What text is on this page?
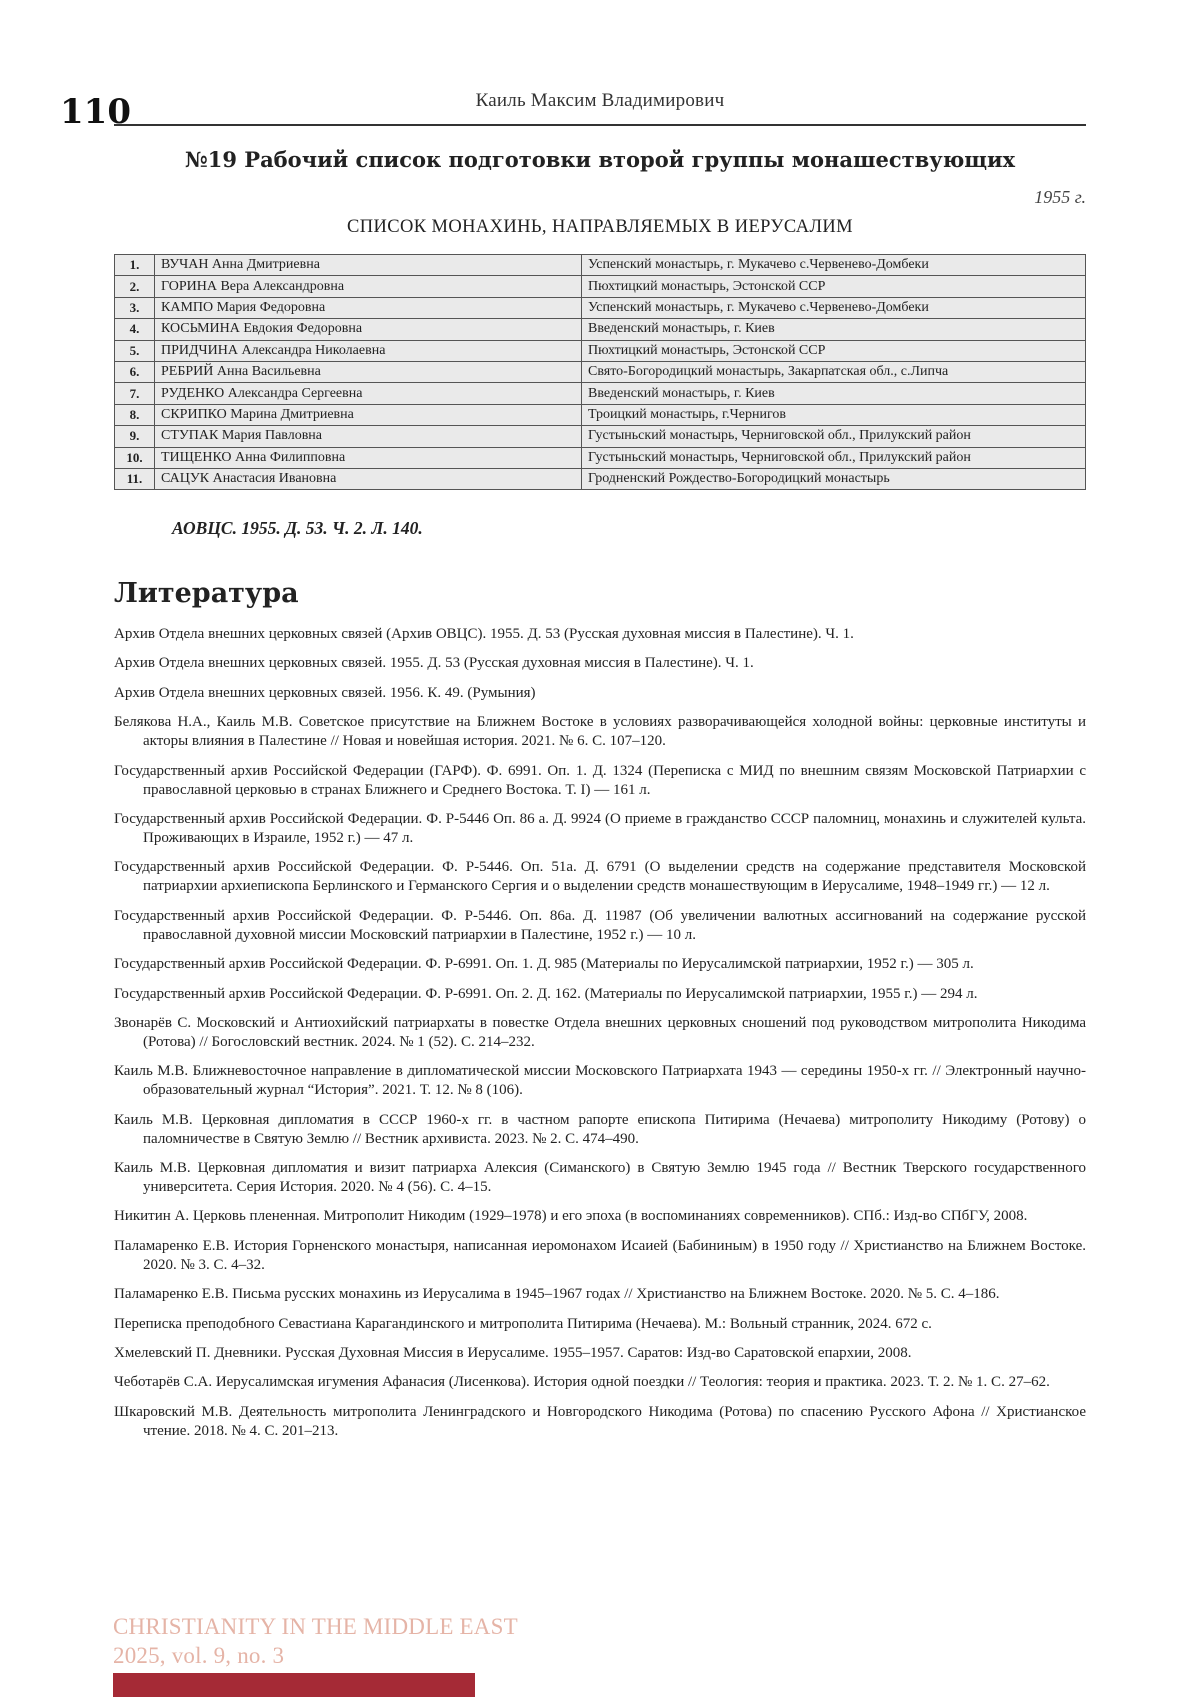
110	Каиль Максим Владимирович
№19 Рабочий список подготовки второй группы монашествующих
1955 г.
СПИСОК МОНАХИНЬ, НАПРАВЛЯЕМЫХ В ИЕРУСАЛИМ
1.	ВУЧАН Анна Дмитриевна	Успенский монастырь, г. Мукачево с.Червенево-Домбеки
2.	ГОРИНА Вера Александровна	Пюхтицкий монастырь, Эстонской ССР
3.	КАМПО Мария Федоровна	Успенский монастырь, г. Мукачево с.Червенево-Домбеки
4.	КОСЬМИНА Евдокия Федоровна	Введенский монастырь, г. Киев
5.	ПРИДЧИНА Александра Николаевна	Пюхтицкий монастырь, Эстонской ССР
6.	РЕБРИЙ Анна Васильевна	Свято-Богородицкий монастырь, Закарпатская обл., с.Липча
7.	РУДЕНКО Александра Сергеевна	Введенский монастырь, г. Киев
8.	СКРИПКО Марина Дмитриевна	Троицкий монастырь, г.Чернигов
9.	СТУПАК Мария Павловна	Густыньский монастырь, Черниговской обл., Прилукский район
10.	ТИЩЕНКО Анна Филипповна	Густыньский монастырь, Черниговской обл., Прилукский район
11.	САЦУК Анастасия Ивановна	Гродненский Рождество-Богородицкий монастырь
АОВЦС. 1955. Д. 53. Ч. 2. Л. 140.
Литература
Архив Отдела внешних церковных связей (Архив ОВЦС). 1955. Д. 53 (Русская духовная миссия в Палестине). Ч. 1.
Архив Отдела внешних церковных связей. 1955. Д. 53 (Русская духовная миссия в Палестине). Ч. 1.
Архив Отдела внешних церковных связей. 1956. К. 49. (Румыния)
Белякова Н.А., Каиль М.В. Советское присутствие на Ближнем Востоке в условиях разворачивающейся холодной войны: церковные институты и акторы влияния в Палестине // Новая и новейшая история. 2021. № 6. С. 107–120.
Государственный архив Российской Федерации (ГАРФ). Ф. 6991. Оп. 1. Д. 1324 (Переписка с МИД по внешним связям Московской Патриархии с православной церковью в странах Ближнего и Среднего Востока. Т. I) — 161 л.
Государственный архив Российской Федерации. Ф. Р-5446 Оп. 86 а. Д. 9924 (О приеме в гражданство СССР паломниц, монахинь и служителей культа. Проживающих в Израиле, 1952 г.) — 47 л.
Государственный архив Российской Федерации. Ф. Р-5446. Оп. 51а. Д. 6791 (О выделении средств на содержание представителя Московской патриархии архиепископа Берлинского и Германского Сергия и о выделении средств монашествующим в Иерусалиме, 1948–1949 гг.) — 12 л.
Государственный архив Российской Федерации. Ф. Р-5446. Оп. 86а. Д. 11987 (Об увеличении валютных ассигнований на содержание русской православной духовной миссии Московский патриархии в Палестине, 1952 г.) — 10 л.
Государственный архив Российской Федерации. Ф. Р-6991. Оп. 1. Д. 985 (Материалы по Иерусалимской патриархии, 1952 г.) — 305 л.
Государственный архив Российской Федерации. Ф. Р-6991. Оп. 2. Д. 162. (Материалы по Иерусалимской патриархии, 1955 г.) — 294 л.
Звонарёв С. Московский и Антиохийский патриархаты в повестке Отдела внешних церковных сношений под руководством митрополита Никодима (Ротова) // Богословский вестник. 2024. № 1 (52). С. 214–232.
Каиль М.В. Ближневосточное направление в дипломатической миссии Московского Патриархата 1943 — середины 1950-х гг. // Электронный научно-образовательный журнал “История”. 2021. Т. 12. № 8 (106).
Каиль М.В. Церковная дипломатия в СССР 1960-х гг. в частном рапорте епископа Питирима (Нечаева) митрополиту Никодиму (Ротову) о паломничестве в Святую Землю // Вестник архивиста. 2023. № 2. С. 474–490.
Каиль М.В. Церковная дипломатия и визит патриарха Алексия (Симанского) в Святую Землю 1945 года // Вестник Тверского государственного университета. Серия История. 2020. № 4 (56). С. 4–15.
Никитин А. Церковь плененная. Митрополит Никодим (1929–1978) и его эпоха (в воспоминаниях современников). СПб.: Изд-во СПбГУ, 2008.
Паламаренко Е.В. История Горненского монастыря, написанная иеромонахом Исаией (Бабининым) в 1950 году // Христианство на Ближнем Востоке. 2020. № 3. С. 4–32.
Паламаренко Е.В. Письма русских монахинь из Иерусалима в 1945–1967 годах // Христианство на Ближнем Востоке. 2020. № 5. С. 4–186.
Переписка преподобного Севастиана Карагандинского и митрополита Питирима (Нечаева). М.: Вольный странник, 2024. 672 с.
Хмелевский П. Дневники. Русская Духовная Миссия в Иерусалиме. 1955–1957. Саратов: Изд-во Саратовской епархии, 2008.
Чеботарёв С.А. Иерусалимская игумения Афанасия (Лисенкова). История одной поездки // Теология: теория и практика. 2023. Т. 2. № 1. С. 27–62.
Шкаровский М.В. Деятельность митрополита Ленинградского и Новгородского Никодима (Ротова) по спасению Русского Афона // Христианское чтение. 2018. № 4. С. 201–213.
CHRISTIANITY IN THE MIDDLE EAST
2025, vol. 9, no. 3
